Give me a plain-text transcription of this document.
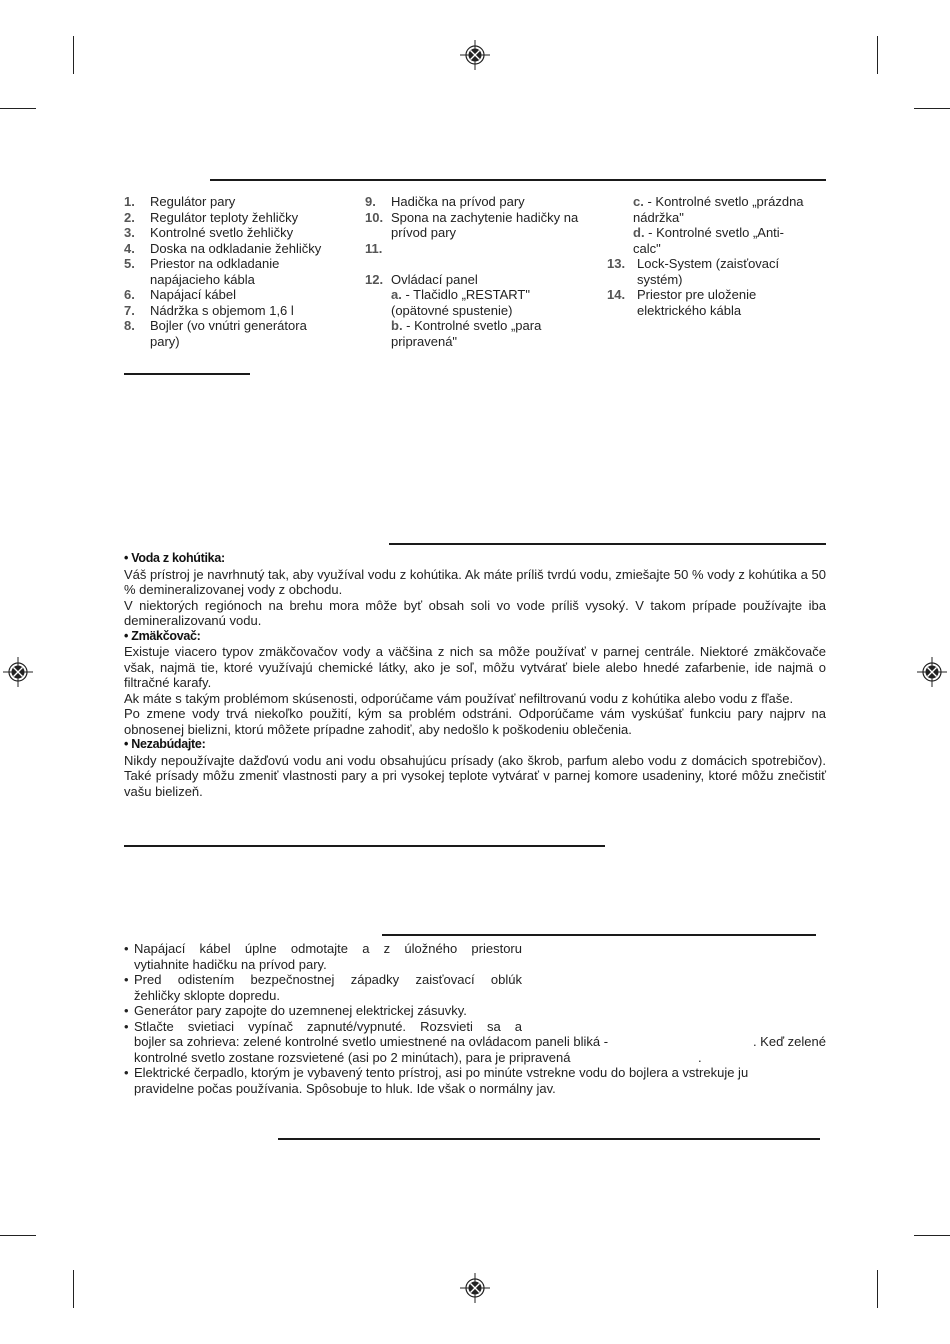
1.	Regulátor pary
2.	Regulátor teploty žehličky
3.	Kontrolné svetlo žehličky
4.	Doska na odkladanie žehličky
5.	Priestor na odkladanie napájacieho kábla
6.	Napájací kábel
7.	Nádržka s objemom 1,6 l
8.	Bojler (vo vnútri generátora pary)
9.	Hadička na prívod pary
10. Spona na zachytenie hadičky na prívod pary
11.
12. Ovládací panel
a. - Tlačidlo „RESTART" (opätovné spustenie)
b. - Kontrolné svetlo „para pripravená"
c. - Kontrolné svetlo „prázdna nádržka"
d. - Kontrolné svetlo „Anti-calc"
13. Lock-System (zaisťovací systém)
14. Priestor pre uloženie elektrického kábla
• Voda z kohútika:

Váš prístroj je navrhnutý tak, aby využíval vodu z kohútika. Ak máte príliš tvrdú vodu, zmiešajte 50 % vody z kohútika a 50 % demineralizovanej vody z obchodu.

V niektorých regiónoch na brehu mora môže byť obsah soli vo vode príliš vysoký. V takom prípade používajte iba demineralizovanú vodu.

• Zmäkčovač:

Existuje viacero typov zmäkčovačov vody a väčšina z nich sa môže používať v parnej centrále. Niektoré zmäkčovače však, najmä tie, ktoré využívajú chemické látky, ako je soľ, môžu vytvárať biele alebo hnedé zafarbenie, ide najmä o filtračné karafy.

Ak máte s takým problémom skúsenosti, odporúčame vám používať nefiltrovanú vodu z kohútika alebo vodu z fľaše.

Po zmene vody trvá niekoľko použití, kým sa problém odstráni. Odporúčame vám vyskúšať funkciu pary najprv na obnosenej bielizni, ktorú môžete prípadne zahodiť, aby nedošlo k poškodeniu oblečenia.

• Nezabúdajte:

Nikdy nepoužívajte dažďovú vodu ani vodu obsahujúcu prísady (ako škrob, parfum alebo vodu z domácich spotrebičov). Také prísady môžu zmeniť vlastnosti pary a pri vysokej teplote vytvárať v parnej komore usadeniny, ktoré môžu znečistiť vašu bielizeň.

• Napájací kábel úplne odmotajte a z úložného priestoru
vytiahnite hadičku na prívod pary.
• Pred odistením bezpečnostnej západky zaisťovací oblúk
žehličky sklopte dopredu.
• Generátor pary zapojte do uzemnenej elektrickej zásuvky.
• Stlačte svietiaci vypínač zapnuté/vypnuté. Rozsvieti sa a
bojler sa zohrieva: zelené kontrolné svetlo umiestnené na ovládacom paneli bliká -	. Keď zelené
kontrolné svetlo zostane rozsvietené (asi po 2 minútach), para je pripravená	.
• Elektrické čerpadlo, ktorým je vybavený tento prístroj, asi po minúte vstrekne vodu do bojlera a vstrekuje ju
pravidelne počas používania. Spôsobuje to hluk. Ide však o normálny jav.
